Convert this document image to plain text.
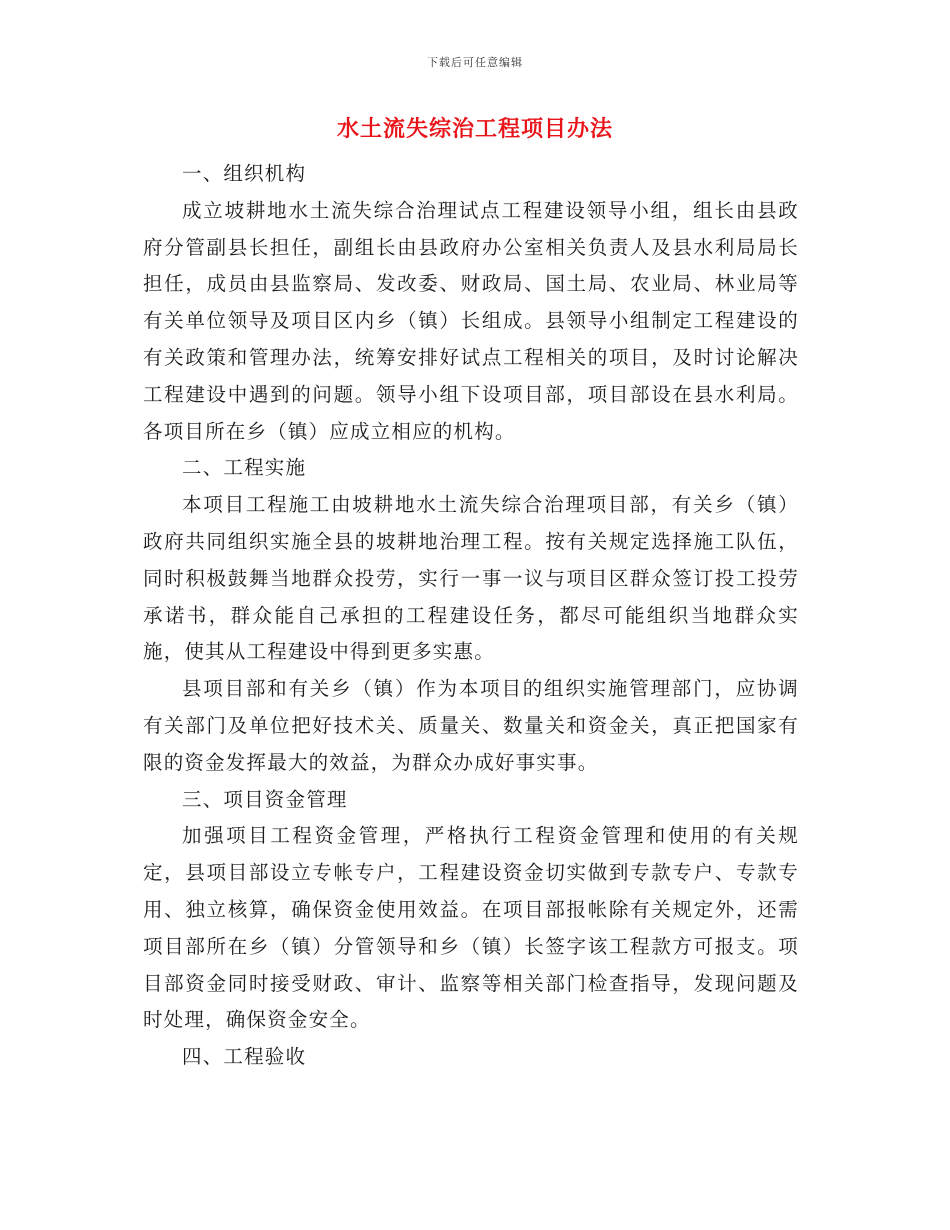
下载后可任意编辑
水土流失综治工程项目办法

一、组织机构

成立坡耕地水土流失综合治理试点工程建设领导小组，组长由县政府分管副县长担任，副组长由县政府办公室相关负责人及县水利局局长担任，成员由县监察局、发改委、财政局、国土局、农业局、林业局等有关单位领导及项目区内乡（镇）长组成。县领导小组制定工程建设的有关政策和管理办法，统筹安排好试点工程相关的项目，及时讨论解决工程建设中遇到的问题。领导小组下设项目部，项目部设在县水利局。各项目所在乡（镇）应成立相应的机构。

二、工程实施

本项目工程施工由坡耕地水土流失综合治理项目部，有关乡（镇）政府共同组织实施全县的坡耕地治理工程。按有关规定选择施工队伍，同时积极鼓舞当地群众投劳，实行一事一议与项目区群众签订投工投劳承诺书，群众能自己承担的工程建设任务，都尽可能组织当地群众实施，使其从工程建设中得到更多实惠。

县项目部和有关乡（镇）作为本项目的组织实施管理部门，应协调有关部门及单位把好技术关、质量关、数量关和资金关，真正把国家有限的资金发挥最大的效益，为群众办成好事实事。

三、项目资金管理

加强项目工程资金管理，严格执行工程资金管理和使用的有关规定，县项目部设立专帐专户，工程建设资金切实做到专款专户、专款专用、独立核算，确保资金使用效益。在项目部报帐除有关规定外，还需项目部所在乡（镇）分管领导和乡（镇）长签字该工程款方可报支。项目部资金同时接受财政、审计、监察等相关部门检查指导，发现问题及时处理，确保资金安全。

四、工程验收
